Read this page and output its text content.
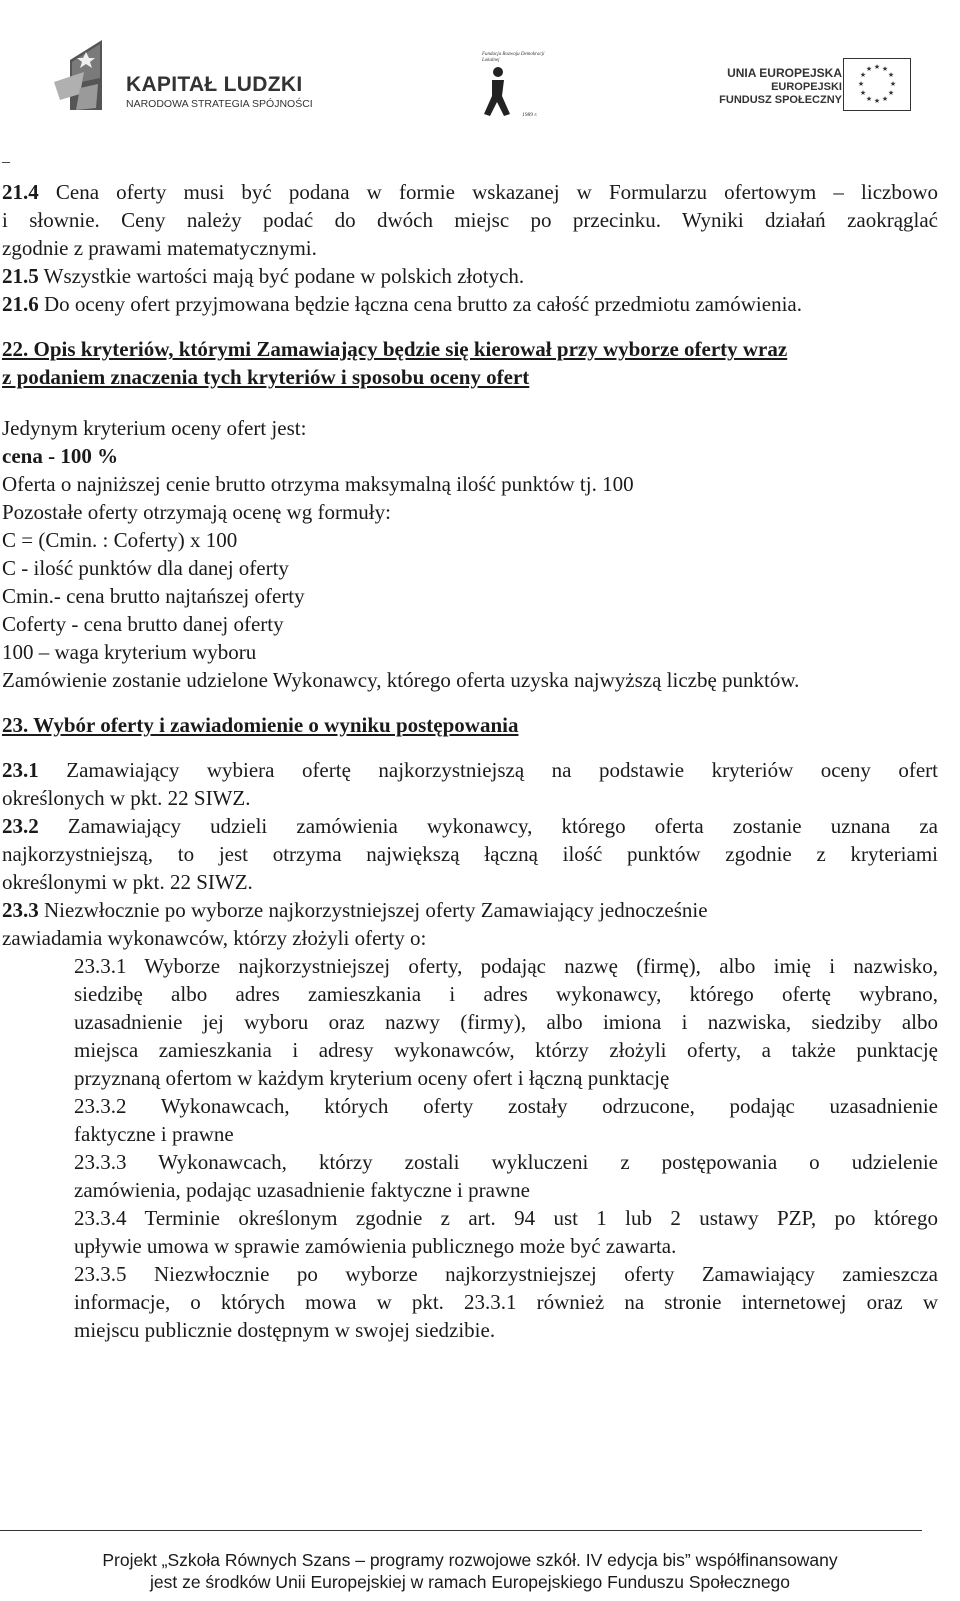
KAPITAŁ LUDZKI
NARODOWA STRATEGIA SPÓJNOŚCI
Fundacja Rozwoju Demokracji Lokalnej
1989 r.
UNIA EUROPEJSKA
EUROPEJSKI
FUNDUSZ SPOŁECZNY
★ ★
★
★
★
★
★
★
★
★
★
★
_

21.4 Cena oferty musi być podana w formie wskazanej w Formularzu ofertowym – liczbowo

i słownie. Ceny należy podać do dwóch miejsc po przecinku. Wyniki działań zaokrąglać

zgodnie z prawami matematycznymi.

21.5 Wszystkie wartości mają być podane w polskich złotych.

21.6 Do oceny ofert przyjmowana będzie łączna cena brutto za całość przedmiotu zamówienia.

22. Opis kryteriów, którymi Zamawiający będzie się kierował przy wyborze oferty wraz

z podaniem znaczenia tych kryteriów i sposobu oceny ofert

Jedynym kryterium oceny ofert jest:

cena - 100 %

Oferta o najniższej cenie brutto otrzyma maksymalną ilość punktów tj. 100

Pozostałe oferty otrzymają ocenę wg formuły:

C = (Cmin. : Coferty) x 100

C - ilość punktów dla danej oferty

Cmin.- cena brutto najtańszej oferty

Coferty - cena brutto danej oferty

100 – waga kryterium wyboru

Zamówienie zostanie udzielone Wykonawcy, którego oferta uzyska najwyższą liczbę punktów.

23. Wybór oferty i zawiadomienie o wyniku postępowania

23.1 Zamawiający wybiera ofertę najkorzystniejszą na podstawie kryteriów oceny ofert

określonych w pkt. 22 SIWZ.

23.2 Zamawiający udzieli zamówienia wykonawcy, którego oferta zostanie uznana za

najkorzystniejszą, to jest otrzyma największą łączną ilość punktów zgodnie z kryteriami

określonymi w pkt. 22 SIWZ.

23.3 Niezwłocznie po wyborze najkorzystniejszej oferty Zamawiający jednocześnie

zawiadamia wykonawców, którzy złożyli oferty o:

23.3.1 Wyborze najkorzystniejszej oferty, podając nazwę (firmę), albo imię i nazwisko,

siedzibę albo adres zamieszkania i adres wykonawcy, którego ofertę wybrano,

uzasadnienie jej wyboru oraz nazwy (firmy), albo imiona i nazwiska, siedziby albo

miejsca zamieszkania i adresy wykonawców, którzy złożyli oferty, a także punktację

przyznaną ofertom w każdym kryterium oceny ofert i łączną punktację

23.3.2 Wykonawcach, których oferty zostały odrzucone, podając uzasadnienie

faktyczne i prawne

23.3.3 Wykonawcach, którzy zostali wykluczeni z postępowania o udzielenie

zamówienia, podając uzasadnienie faktyczne i prawne

23.3.4 Terminie określonym zgodnie z art. 94 ust 1 lub 2 ustawy PZP, po którego

upływie umowa w sprawie zamówienia publicznego może być zawarta.

23.3.5 Niezwłocznie po wyborze najkorzystniejszej oferty Zamawiający zamieszcza

informacje, o których mowa w pkt. 23.3.1 również na stronie internetowej oraz w

miejscu publicznie dostępnym w swojej siedzibie.

Projekt „Szkoła Równych Szans – programy rozwojowe szkół. IV edycja bis” współfinansowany
jest ze środków Unii Europejskiej w ramach Europejskiego Funduszu Społecznego
